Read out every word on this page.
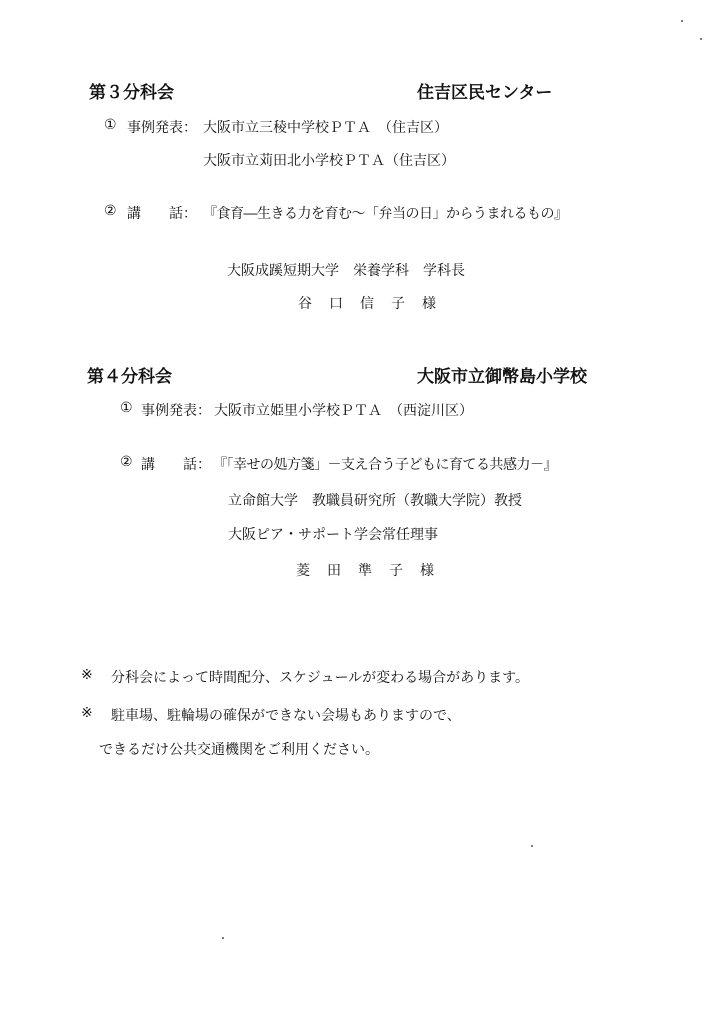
第３分科会	住吉区民センター
① 事例発表： 大阪市立三稜中学校ＰＴＡ　（住吉区）
大阪市立苅田北小学校ＰＴＡ（住吉区）
② 講　　話： 『食育―生きる力を育む～「弁当の日」からうまれるもの』
大阪成蹊短期大学　栄養学科　学科長
谷口信子様
第４分科会	大阪市立御幣島小学校
① 事例発表： 大阪市立姫里小学校ＰＴＡ　（西淀川区）
② 講　　話： 『「幸せの処方箋」－支え合う子どもに育てる共感力－』
立命館大学　教職員研究所（教職大学院）教授
大阪ピア・サポート学会常任理事
菱田準子様
※ 分科会によって時間配分、スケジュールが変わる場合があります。
※ 駐車場、駐輪場の確保ができない会場もありますので、
できるだけ公共交通機関をご利用ください。
